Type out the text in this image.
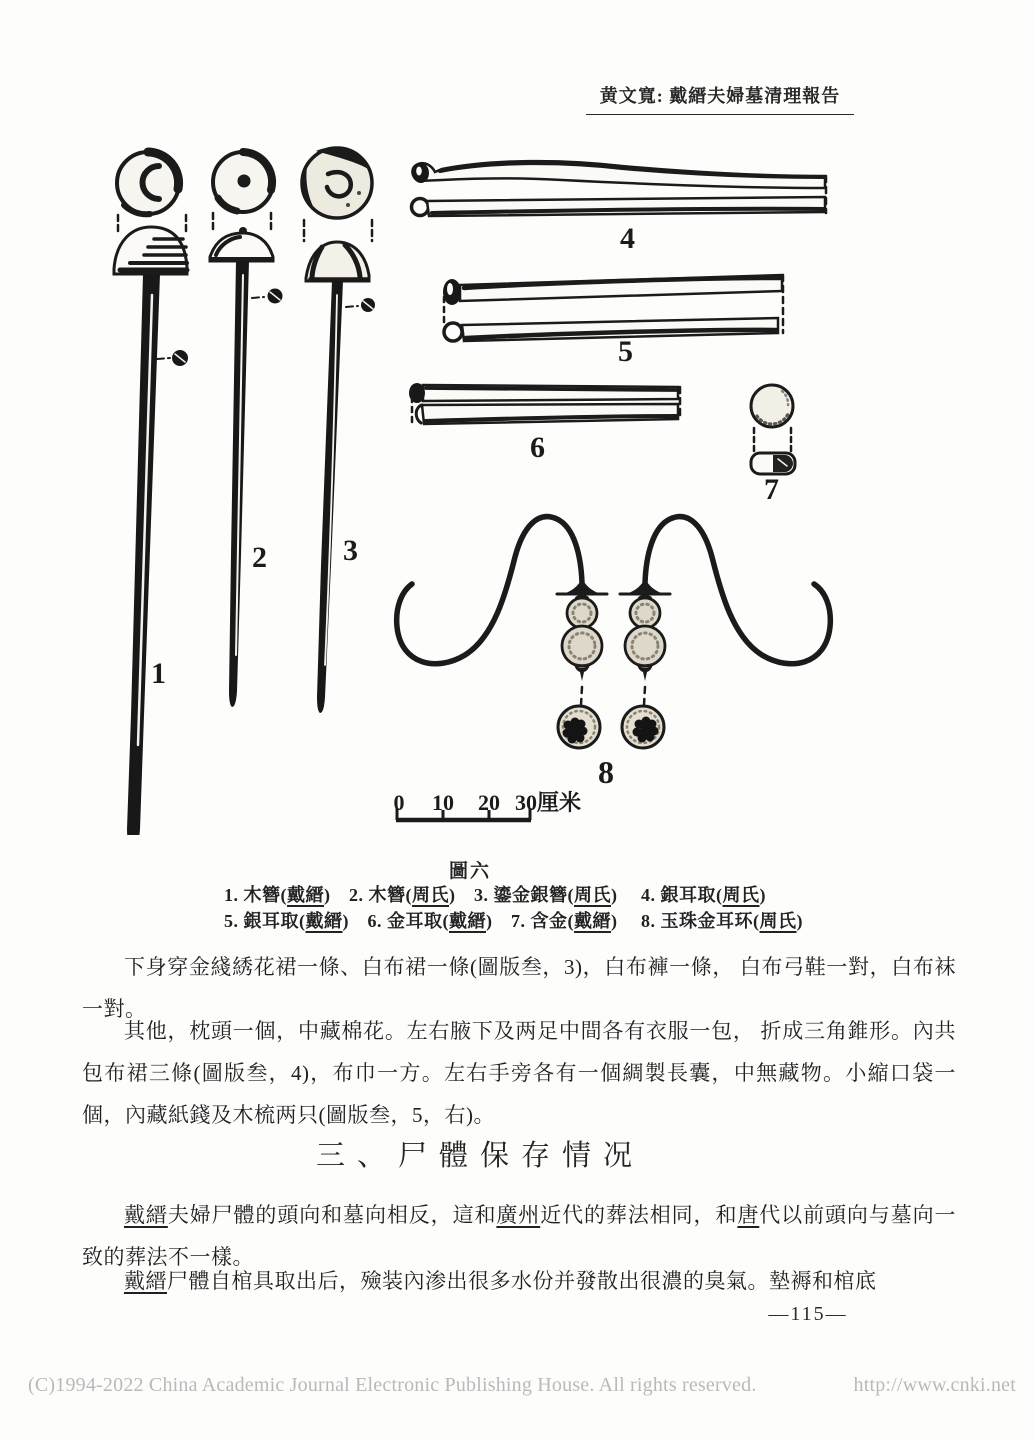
黄文寬: 戴縉夫婦墓清理報告
1
2	3
4
5
6
7
8
0 10 20 30厘米
圖六
1. 木簪(戴縉)　2. 木簪(周氏)　3. 鎏金銀簪(周氏)　 4. 銀耳取(周氏)
5. 銀耳取(戴縉)　6. 金耳取(戴縉)　7. 含金(戴縉)　 8. 玉珠金耳环(周氏)

下身穿金綫綉花裙一條、白布裙一條(圖版叁，3)，白布褲一條， 白布弓鞋一對，白布袜一對。

其他，枕頭一個，中藏棉花。左右腋下及两足中間各有衣服一包， 折成三角錐形。內共包布裙三條(圖版叁，4)，布巾一方。左右手旁各有一個綢製長囊，中無藏物。小縮口袋一個，內藏紙錢及木梳两只(圖版叁，5，右)。

三、尸體保存情况

戴縉夫婦尸體的頭向和墓向相反，這和廣州近代的葬法相同，和唐代以前頭向与墓向一致的葬法不一樣。

戴縉尸體自棺具取出后，殮装內渗出很多水份并發散出很濃的臭氣。墊褥和棺底

—115—
(C)1994-2022 China Academic Journal Electronic Publishing House. All rights reserved.	http://www.cnki.net
